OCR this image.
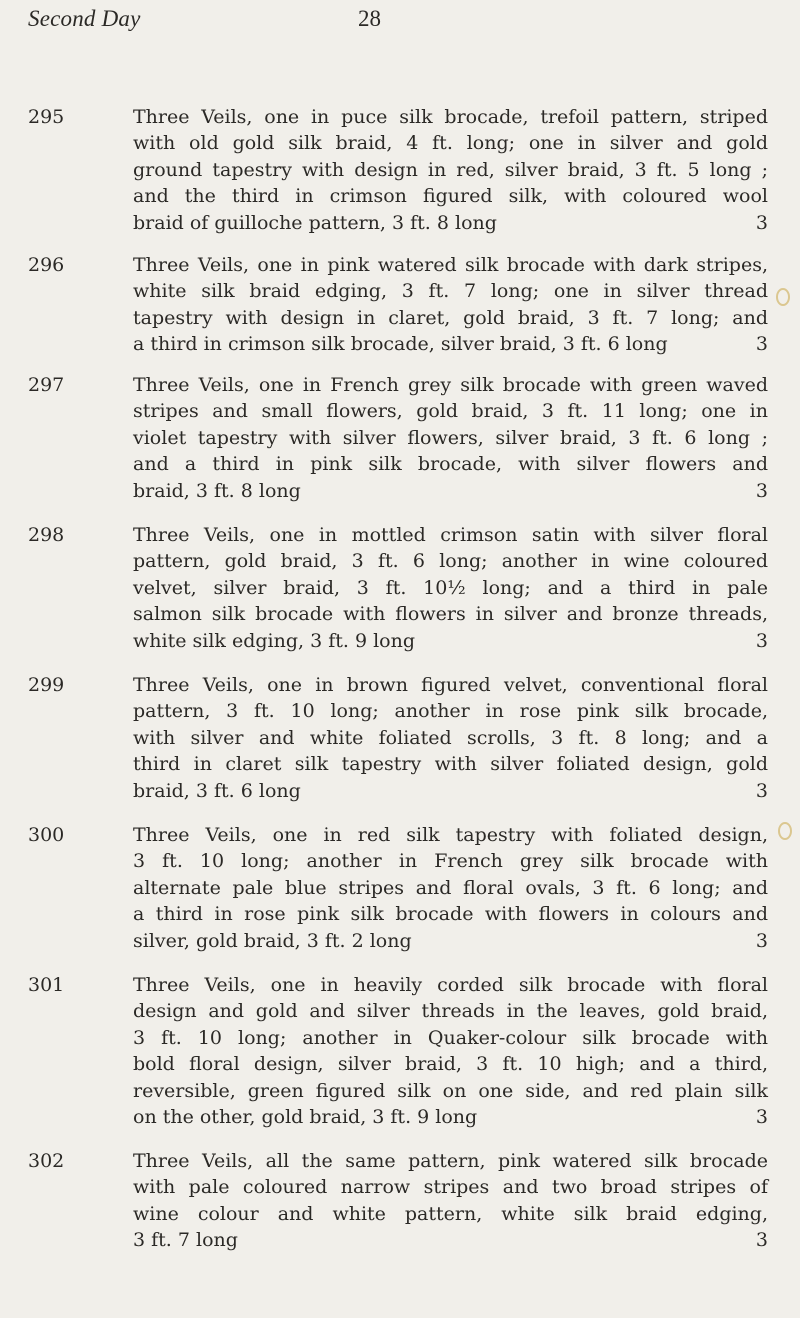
Second Day	28
295	Three Veils, one in puce silk brocade, trefoil pattern, striped
with old gold silk braid, 4 ft. long; one in silver and gold
ground tapestry with design in red, silver braid, 3 ft. 5 long ;
and the third in crimson figured silk, with coloured wool
braid of guilloche pattern, 3 ft. 8 long	3
296	Three Veils, one in pink watered silk brocade with dark stripes,
white silk braid edging, 3 ft. 7 long; one in silver thread
tapestry with design in claret, gold braid, 3 ft. 7 long; and
a third in crimson silk brocade, silver braid, 3 ft. 6 long	3
297	Three Veils, one in French grey silk brocade with green waved
stripes and small flowers, gold braid, 3 ft. 11 long; one in
violet tapestry with silver flowers, silver braid, 3 ft. 6 long ;
and a third in pink silk brocade, with silver flowers and
braid, 3 ft. 8 long	3
298	Three Veils, one in mottled crimson satin with silver floral
pattern, gold braid, 3 ft. 6 long; another in wine coloured
velvet, silver braid, 3 ft. 10½ long; and a third in pale
salmon silk brocade with flowers in silver and bronze threads,
white silk edging, 3 ft. 9 long	3
299	Three Veils, one in brown figured velvet, conventional floral
pattern, 3 ft. 10 long; another in rose pink silk brocade,
with silver and white foliated scrolls, 3 ft. 8 long; and a
third in claret silk tapestry with silver foliated design, gold
braid, 3 ft. 6 long	3
300	Three Veils, one in red silk tapestry with foliated design,
3 ft. 10 long; another in French grey silk brocade with
alternate pale blue stripes and floral ovals, 3 ft. 6 long; and
a third in rose pink silk brocade with flowers in colours and
silver, gold braid, 3 ft. 2 long	3
301	Three Veils, one in heavily corded silk brocade with floral
design and gold and silver threads in the leaves, gold braid,
3 ft. 10 long; another in Quaker-colour silk brocade with
bold floral design, silver braid, 3 ft. 10 high; and a third,
reversible, green figured silk on one side, and red plain silk
on the other, gold braid, 3 ft. 9 long	3
302	Three Veils, all the same pattern, pink watered silk brocade
with pale coloured narrow stripes and two broad stripes of
wine colour and white pattern, white silk braid edging,
3 ft. 7 long	3
